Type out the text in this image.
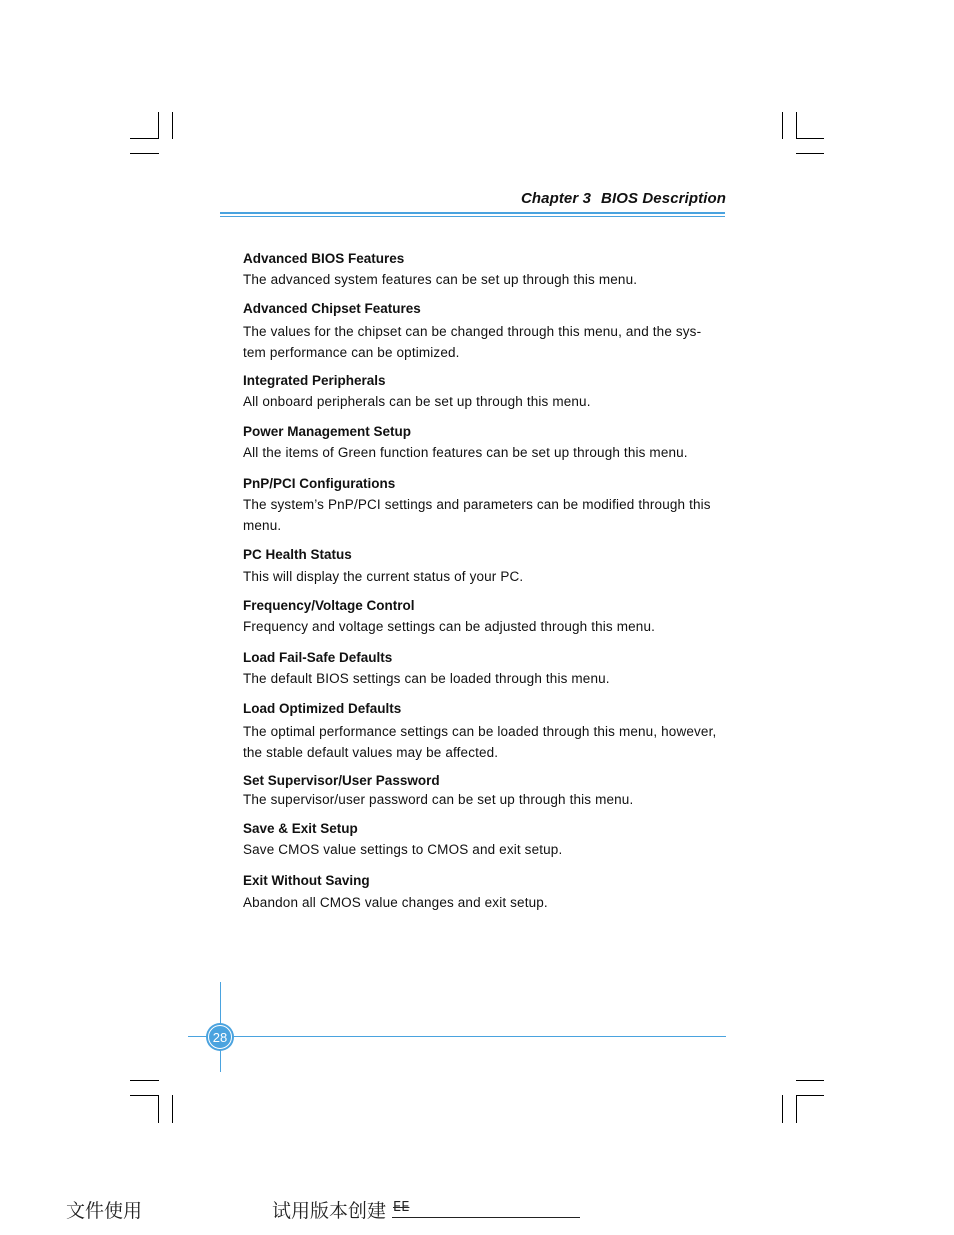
Chapter 3 BIOS Description
Advanced BIOS Features
The advanced system features can be set up through this menu.
Advanced Chipset Features
The values for the chipset can be changed through this menu, and the sys-tem performance can be optimized.
Integrated Peripherals
All onboard peripherals can be set up through this menu.
Power Management Setup
All the items of Green function features can be set up through this menu.
PnP/PCI Configurations
The system’s PnP/PCI settings and parameters can be modified through this menu.
PC Health Status
This will display the current status of your PC.
Frequency/Voltage Control
Frequency and voltage settings can be adjusted through this menu.
Load Fail-Safe Defaults
The default BIOS settings can be loaded through this menu.
Load Optimized Defaults
The optimal performance settings can be loaded through this menu, however, the stable default values may be affected.
Set Supervisor/User Password
The supervisor/user password can be set up through this menu.
Save & Exit Setup
Save CMOS value settings to CMOS and exit setup.
Exit Without Saving
Abandon all CMOS value changes and exit setup.
28
文件使用	试用版本创建 EE
